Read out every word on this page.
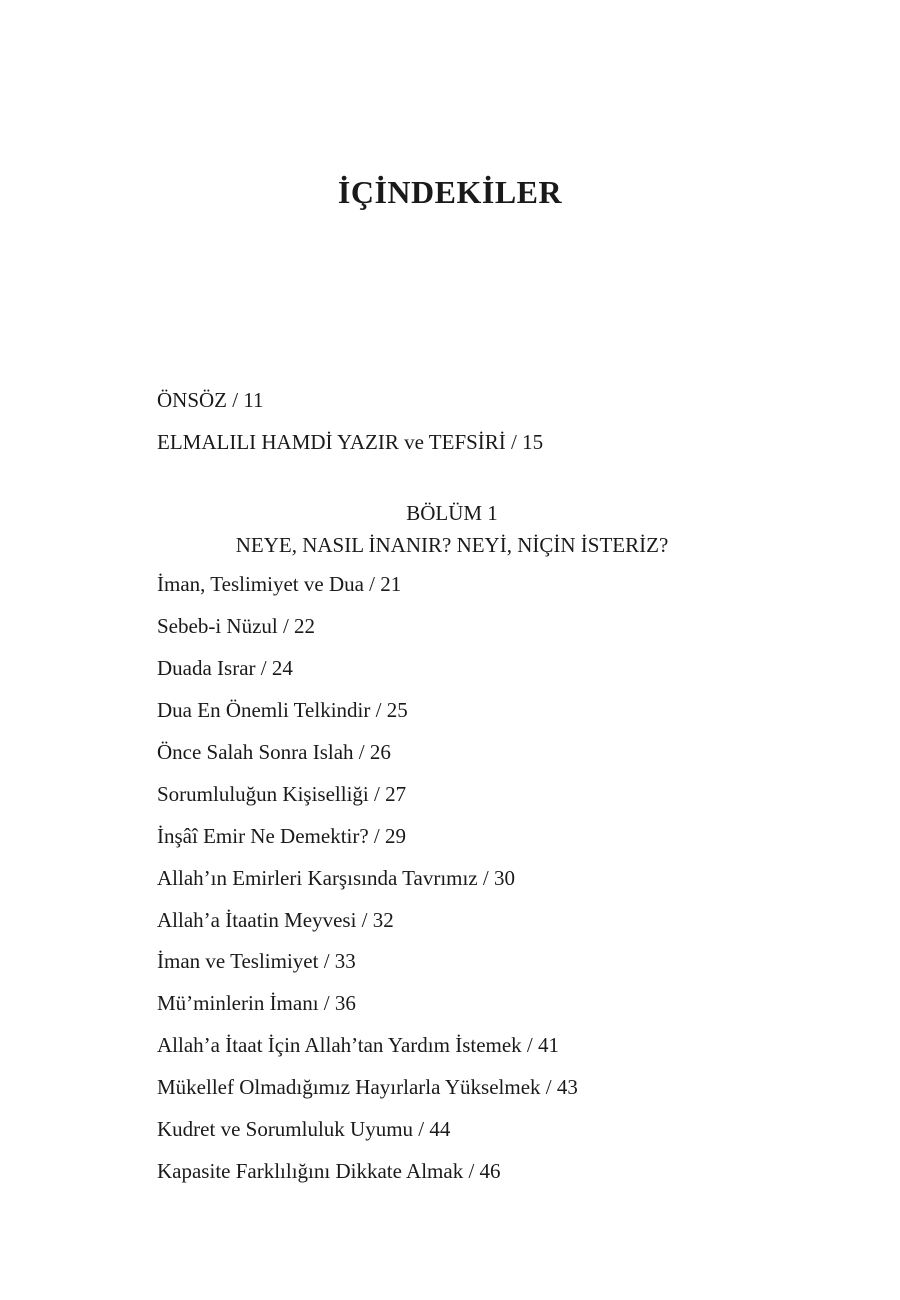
İÇİNDEKİLER
ÖNSÖZ / 11
ELMALILI HAMDİ YAZIR ve TEFSİRİ / 15
BÖLÜM 1
NEYE, NASIL İNANIR? NEYİ, NİÇİN İSTERİZ?
İman, Teslimiyet ve Dua / 21
Sebeb-i Nüzul / 22
Duada Israr / 24
Dua En Önemli Telkindir / 25
Önce Salah Sonra Islah / 26
Sorumluluğun Kişiselliği / 27
İnşâî Emir Ne Demektir? / 29
Allah’ın Emirleri Karşısında Tavrımız / 30
Allah’a İtaatin Meyvesi / 32
İman ve Teslimiyet / 33
Mü’minlerin İmanı / 36
Allah’a İtaat İçin Allah’tan Yardım İstemek / 41
Mükellef Olmadığımız Hayırlarla Yükselmek / 43
Kudret ve Sorumluluk Uyumu / 44
Kapasite Farklılığını Dikkate Almak / 46
